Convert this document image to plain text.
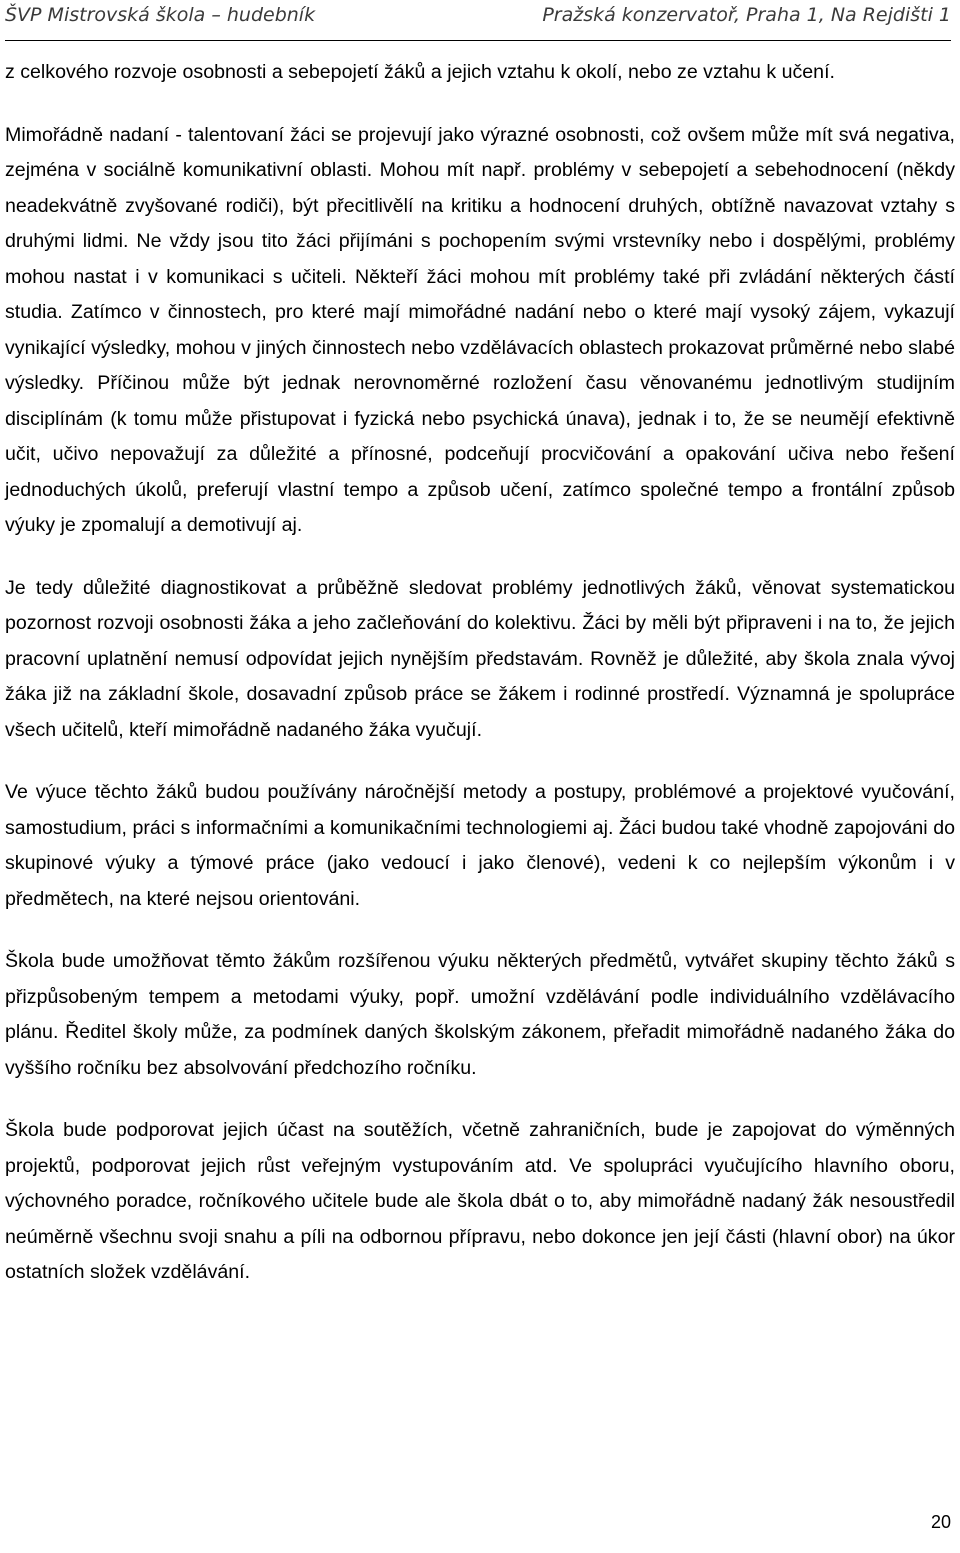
ŠVP Mistrovská škola – hudebník	Pražská konzervatoř, Praha 1, Na Rejdišti 1

z celkového rozvoje osobnosti a sebepojetí žáků a jejich vztahu k okolí, nebo ze vztahu k učení.

Mimořádně nadaní - talentovaní žáci se projevují jako výrazné osobnosti, což ovšem může mít svá negativa, zejména v sociálně komunikativní oblasti. Mohou mít např. problémy v sebepojetí a sebehodnocení (někdy neadekvátně zvyšované rodiči), být přecitlivělí na kritiku a hodnocení druhých, obtížně navazovat vztahy s druhými lidmi. Ne vždy jsou tito žáci přijímáni s pochopením svými vrstevníky nebo i dospělými, problémy mohou nastat i v komunikaci s učiteli. Někteří žáci mohou mít problémy také při zvládání některých částí studia. Zatímco v činnostech, pro které mají mimořádné nadání nebo o které mají vysoký zájem, vykazují vynikající výsledky, mohou v jiných činnostech nebo vzdělávacích oblastech prokazovat průměrné nebo slabé výsledky. Příčinou může být jednak nerovnoměrné rozložení času věnovanému jednotlivým studijním disciplínám (k tomu může přistupovat i fyzická nebo psychická únava), jednak i to, že se neumějí efektivně učit, učivo nepovažují za důležité a přínosné, podceňují procvičování a opakování učiva nebo řešení jednoduchých úkolů, preferují vlastní tempo a způsob učení, zatímco společné tempo a frontální způsob výuky je zpomalují a demotivují aj.

Je tedy důležité diagnostikovat a průběžně sledovat problémy jednotlivých žáků, věnovat systematickou pozornost rozvoji osobnosti žáka a jeho začleňování do kolektivu. Žáci by měli být připraveni i na to, že jejich pracovní uplatnění nemusí odpovídat jejich nynějším představám. Rovněž je důležité, aby škola znala vývoj žáka již na základní škole, dosavadní způsob práce se žákem i rodinné prostředí. Významná je spolupráce všech učitelů, kteří mimořádně nadaného žáka vyučují.

Ve výuce těchto žáků budou používány náročnější metody a postupy, problémové a projektové vyučování, samostudium, práci s informačními a komunikačními technologiemi aj. Žáci budou také vhodně zapojováni do skupinové výuky a týmové práce (jako vedoucí i jako členové), vedeni k co nejlepším výkonům i v předmětech, na které nejsou orientováni.

Škola bude umožňovat těmto žákům rozšířenou výuku některých předmětů, vytvářet skupiny těchto žáků s přizpůsobeným tempem a metodami výuky, popř. umožní vzdělávání podle individuálního vzdělávacího plánu. Ředitel školy může, za podmínek daných školským zákonem, přeřadit mimořádně nadaného žáka do vyššího ročníku bez absolvování předchozího ročníku.

Škola bude podporovat jejich účast na soutěžích, včetně zahraničních, bude je zapojovat do výměnných projektů, podporovat jejich růst veřejným vystupováním atd. Ve spolupráci vyučujícího hlavního oboru, výchovného poradce, ročníkového učitele bude ale škola dbát o to, aby mimořádně nadaný žák nesoustředil neúměrně všechnu svoji snahu a píli na odbornou přípravu, nebo dokonce jen její části (hlavní obor) na úkor ostatních složek vzdělávání.

20
